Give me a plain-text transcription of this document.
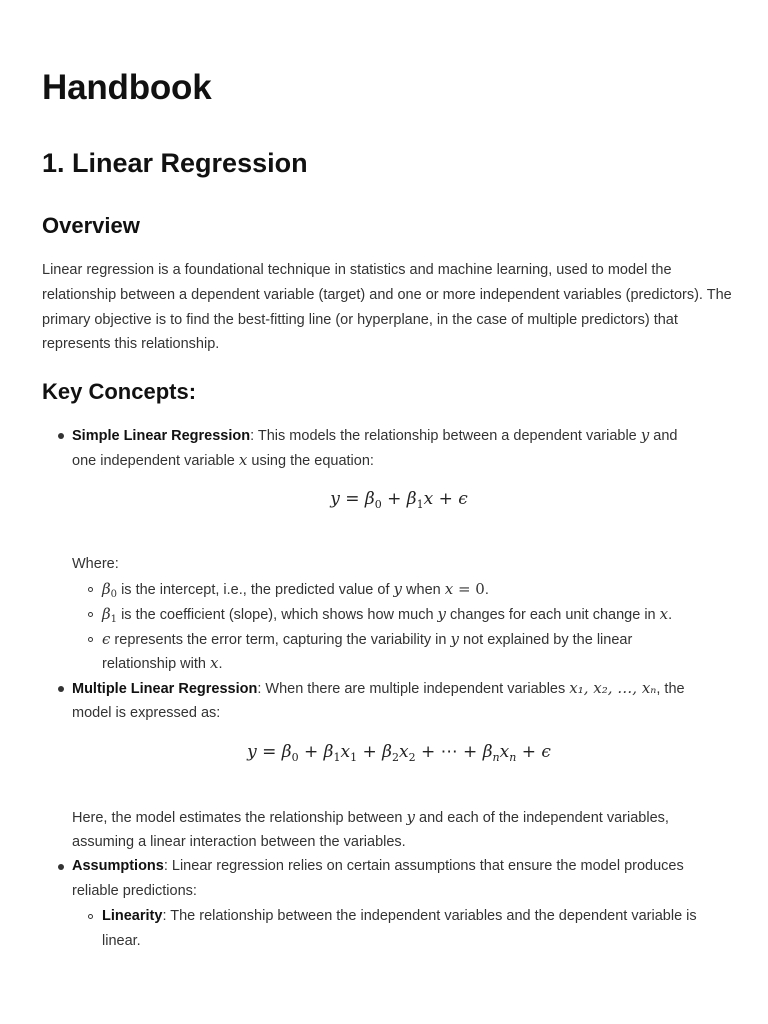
Handbook
1. Linear Regression
Overview

Linear regression is a foundational technique in statistics and machine learning, used to model the relationship between a dependent variable (target) and one or more independent variables (predictors). The primary objective is to find the best-fitting line (or hyperplane, in the case of multiple predictors) that represents this relationship.

Key Concepts:
Simple Linear Regression: This models the relationship between a dependent variable y and
one independent variable x using the equation:
$y = \beta_0 + \beta_1x + \epsilon$
Where:
$\beta_0$ is the intercept, i.e., the predicted value of y when x = 0.
$\beta_1$ is the coefficient (slope), which shows how much y changes for each unit change in x.
ϵ represents the error term, capturing the variability in y not explained by the linear
relationship with x.
Multiple Linear Regression: When there are multiple independent variables x₁, x₂, …, xₙ, the
model is expressed as:
$y = \beta_0 + \beta_1x_1 + \beta_2x_2$ + ⋯ + $\beta_nx_n + \epsilon$
Here, the model estimates the relationship between y and each of the independent variables,
assuming a linear interaction between the variables.
Assumptions: Linear regression relies on certain assumptions that ensure the model produces
reliable predictions:
Linearity: The relationship between the independent variables and the dependent variable is
linear.
